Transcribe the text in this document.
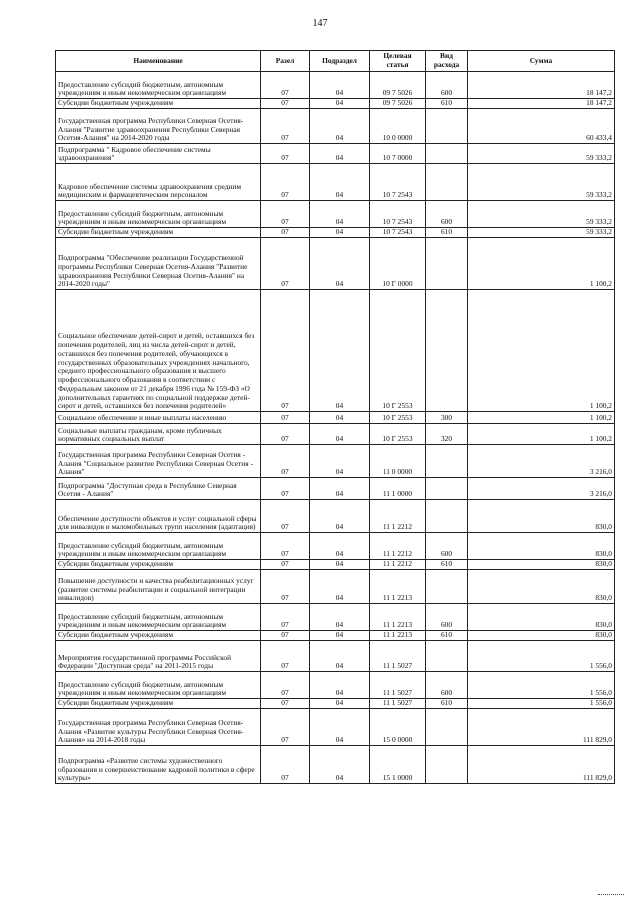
147
Наименование	Разел	Подраздел	Целевая статья	Вид расхода	Сумма
Предоставление субсидий бюджетным, автономным учреждениям и иным некоммерческим организациям	07	04	09 7 5026	600	18 147,2
Субсидии бюджетным учреждениям	07	04	09 7 5026	610	18 147,2
Государственная программа Республики Северная Осетия-Алания "Развитие здравоохранения Республики Северная Осетия-Алания" на 2014-2020 годы	07	04	10 0 0000		60 433,4
Подпрограмма " Кадровое обеспечение системы здравоохранения"	07	04	10 7 0000		59 333,2
Кадровое обеспечение системы здравоохранения средним медицинским и фармацевтическим персоналом	07	04	10 7 2543		59 333,2
Предоставление субсидий бюджетным, автономным учреждениям и иным некоммерческим организациям	07	04	10 7 2543	600	59 333,2
Субсидии бюджетным учреждениям	07	04	10 7 2543	610	59 333,2
Подпрограмма "Обеспечение реализации Государственной программы Республики Северная Осетия-Алания "Развитие здравоохранения Республики Северная Осетия-Алания" на 2014-2020 годы"	07	04	10 Г 0000		1 100,2
Социальное обеспечение детей-сирот и детей, оставшихся без попечения родителей, лиц из числа детей-сирот и детей, оставшихся без попечения родителей, обучающихся в государственных образовательных учреждениях начального, среднего профессионального образования и высшего профессионального образования в соответствии с Федеральным законом от 21 декабря 1996 года № 159-ФЗ «О дополнительных гарантиях по социальной поддержке детей-сирот и детей, оставшихся без попечения родителей»	07	04	10 Г 2553		1 100,2
Социальное обеспечение и иные выплаты населению	07	04	10 Г 2553	300	1 100,2
Социальные выплаты гражданам, кроме публичных нормативных социальных выплат	07	04	10 Г 2553	320	1 100,2
Государственная программа Республики Северная Осетия - Алания "Социальное развитие Республики Северная Осетия - Алания"	07	04	11 0 0000		3 216,0
Подпрограмма "Доступная среда в Республике Северная Осетия - Алания"	07	04	11 1 0000		3 216,0
Обеспечение доступности объектов и услуг социальной сферы для инвалидов и маломобильных групп населения (адаптация)	07	04	11 1 2212		830,0
Предоставление субсидий бюджетным, автономным учреждениям и иным некоммерческим организациям	07	04	11 1 2212	600	830,0
Субсидии бюджетным учреждениям	07	04	11 1 2212	610	830,0
Повышение доступности и качества реабилитационных услуг (развитие системы реабилитации и социальной интеграции инвалидов)	07	04	11 1 2213		830,0
Предоставление субсидий бюджетным, автономным учреждениям и иным некоммерческим организациям	07	04	11 1 2213	600	830,0
Субсидии бюджетным учреждениям	07	04	11 1 2213	610	830,0
Мероприятия государственной программы Российской Федерации "Доступная среда" на 2011-2015 годы	07	04	11 1 5027		1 556,0
Предоставление субсидий бюджетным, автономным учреждениям и иным некоммерческим организациям	07	04	11 1 5027	600	1 556,0
Субсидии бюджетным учреждениям	07	04	11 1 5027	610	1 556,0
Государственная программа Республики Северная Осетия-Алания «Развитие культуры Республики Северная Осетия-Алания» на 2014-2018 годы	07	04	15 0 0000		111 829,0
Подпрограмма «Развитие системы художественного образования и совершенствование кадровой политики в сфере культуры»	07	04	15 1 0000		111 829,0
